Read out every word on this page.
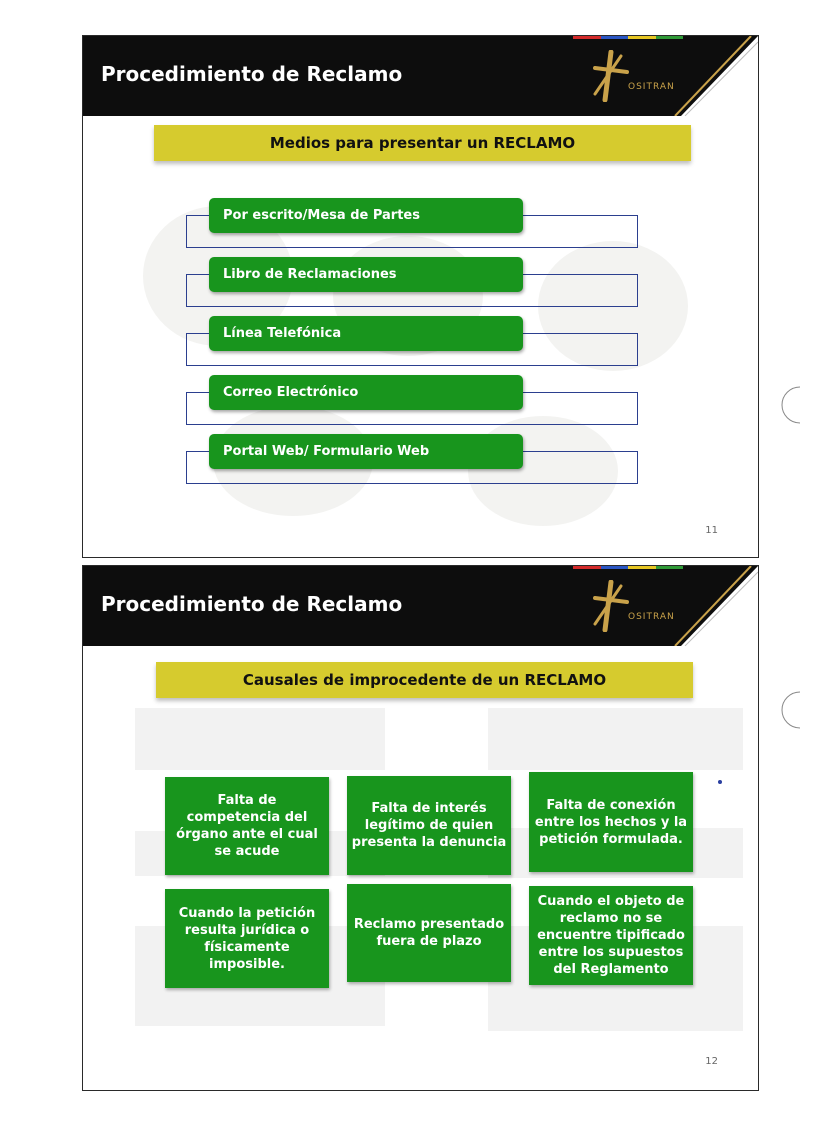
Procedimiento de Reclamo
OSITRAN
Medios para presentar un RECLAMO
Por escrito/Mesa de Partes
Libro de Reclamaciones
Línea Telefónica
Correo Electrónico
Portal Web/ Formulario Web
11
Procedimiento de Reclamo
OSITRAN
Causales de improcedente de un RECLAMO
Falta de competencia del órgano ante el cual se acude
Falta de interés legítimo de quien presenta la denuncia
Falta de conexión entre los hechos y la petición formulada.
Cuando la petición resulta jurídica o físicamente imposible.
Reclamo presentado fuera de plazo
Cuando el objeto de reclamo no se encuentre tipificado entre los supuestos del Reglamento
12
